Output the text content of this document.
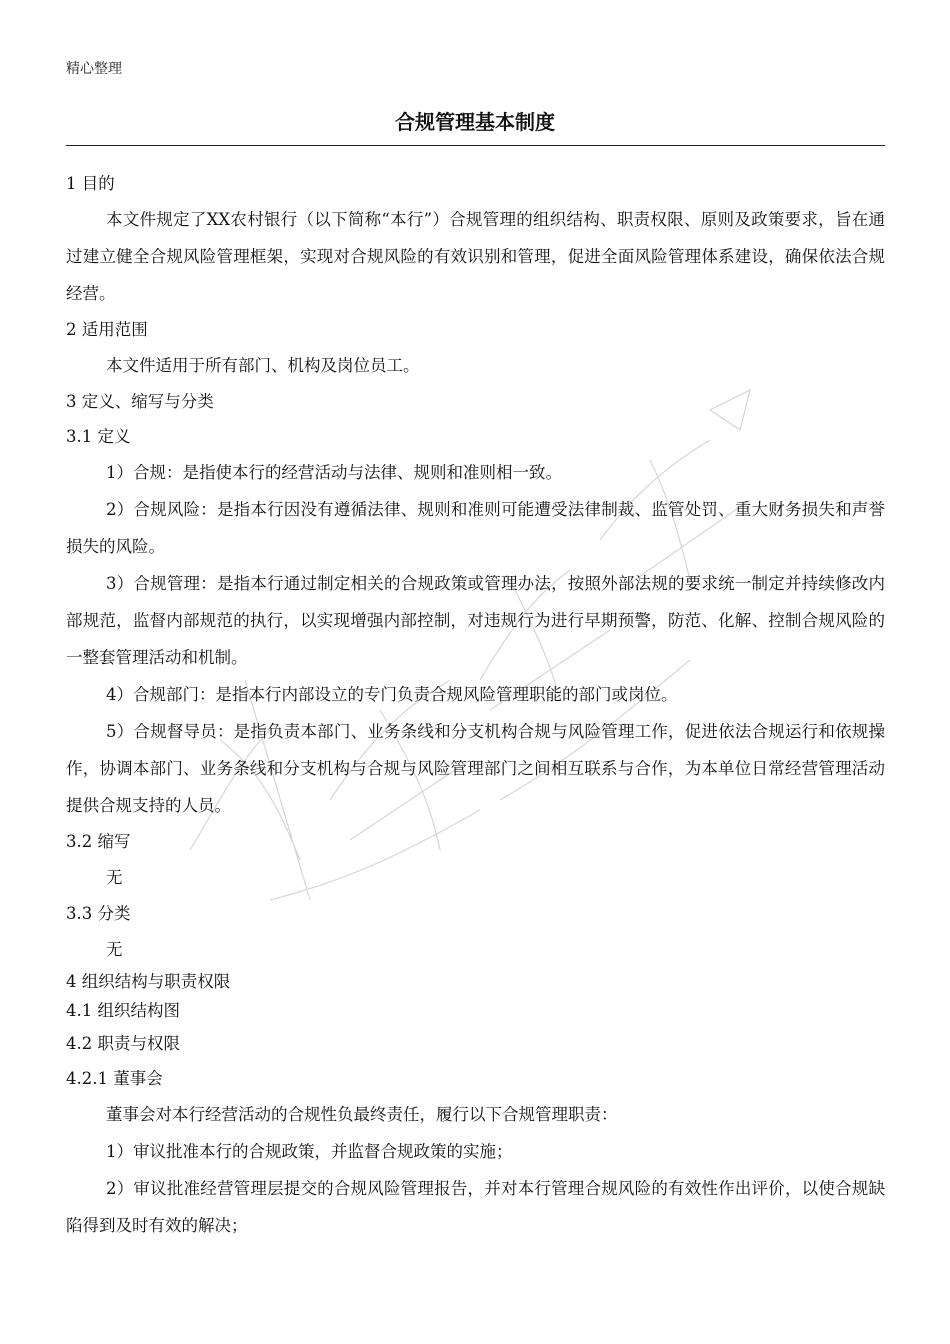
精心整理
合规管理基本制度

1 目的

本文件规定了XX农村银行（以下简称“本行”）合规管理的组织结构、职责权限、原则及政策要求，旨在通过建立健全合规风险管理框架，实现对合规风险的有效识别和管理，促进全面风险管理体系建设，确保依法合规经营。

2 适用范围

本文件适用于所有部门、机构及岗位员工。

3 定义、缩写与分类

3.1 定义

1）合规：是指使本行的经营活动与法律、规则和准则相一致。

2）合规风险：是指本行因没有遵循法律、规则和准则可能遭受法律制裁、监管处罚、重大财务损失和声誉损失的风险。

3）合规管理：是指本行通过制定相关的合规政策或管理办法，按照外部法规的要求统一制定并持续修改内部规范，监督内部规范的执行，以实现增强内部控制，对违规行为进行早期预警，防范、化解、控制合规风险的一整套管理活动和机制。

4）合规部门：是指本行内部设立的专门负责合规风险管理职能的部门或岗位。

5）合规督导员：是指负责本部门、业务条线和分支机构合规与风险管理工作，促进依法合规运行和依规操作，协调本部门、业务条线和分支机构与合规与风险管理部门之间相互联系与合作，为本单位日常经营管理活动提供合规支持的人员。

3.2 缩写

无

3.3 分类

无

4 组织结构与职责权限

4.1 组织结构图

4.2 职责与权限

4.2.1 董事会

董事会对本行经营活动的合规性负最终责任，履行以下合规管理职责：

1）审议批准本行的合规政策，并监督合规政策的实施；

2）审议批准经营管理层提交的合规风险管理报告，并对本行管理合规风险的有效性作出评价，以使合规缺陷得到及时有效的解决；
